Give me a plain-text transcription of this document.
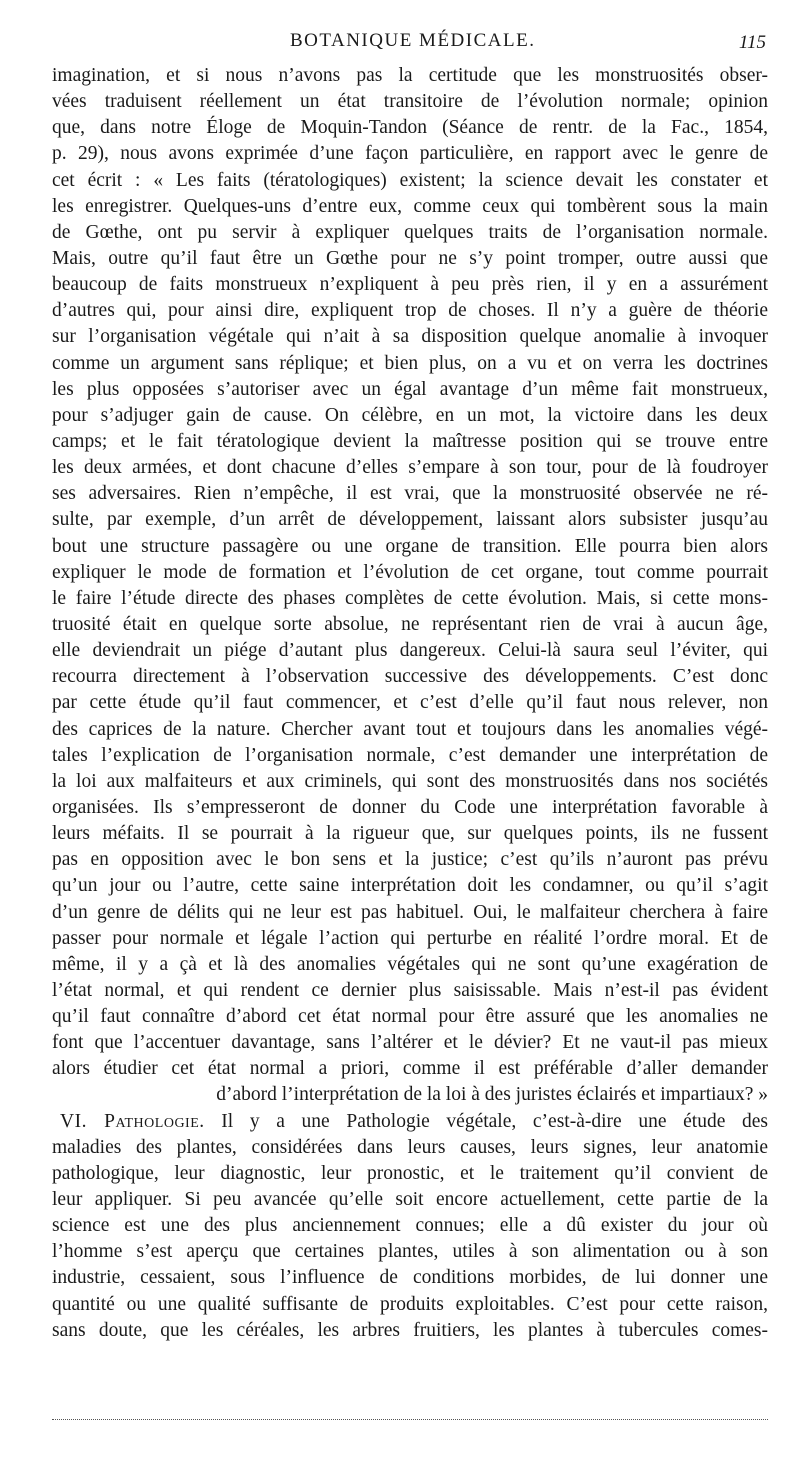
BOTANIQUE MÉDICALE.	115
imagination, et si nous n’avons pas la certitude que les monstruosités obser-
vées traduisent réellement un état transitoire de l’évolution normale; opinion
que, dans notre Éloge de Moquin-Tandon (Séance de rentr. de la Fac., 1854,
p. 29), nous avons exprimée d’une façon particulière, en rapport avec le genre de
cet écrit : « Les faits (tératologiques) existent; la science devait les constater et
les enregistrer. Quelques-uns d’entre eux, comme ceux qui tombèrent sous la main
de Gœthe, ont pu servir à expliquer quelques traits de l’organisation normale.
Mais, outre qu’il faut être un Gœthe pour ne s’y point tromper, outre aussi que
beaucoup de faits monstrueux n’expliquent à peu près rien, il y en a assurément
d’autres qui, pour ainsi dire, expliquent trop de choses. Il n’y a guère de théorie
sur l’organisation végétale qui n’ait à sa disposition quelque anomalie à invoquer
comme un argument sans réplique; et bien plus, on a vu et on verra les doctrines
les plus opposées s’autoriser avec un égal avantage d’un même fait monstrueux,
pour s’adjuger gain de cause. On célèbre, en un mot, la victoire dans les deux
camps; et le fait tératologique devient la maîtresse position qui se trouve entre
les deux armées, et dont chacune d’elles s’empare à son tour, pour de là foudroyer
ses adversaires. Rien n’empêche, il est vrai, que la monstruosité observée ne ré-
sulte, par exemple, d’un arrêt de développement, laissant alors subsister jusqu’au
bout une structure passagère ou une organe de transition. Elle pourra bien alors
expliquer le mode de formation et l’évolution de cet organe, tout comme pourrait
le faire l’étude directe des phases complètes de cette évolution. Mais, si cette mons-
truosité était en quelque sorte absolue, ne représentant rien de vrai à aucun âge,
elle deviendrait un piége d’autant plus dangereux. Celui-là saura seul l’éviter, qui
recourra directement à l’observation successive des développements. C’est donc
par cette étude qu’il faut commencer, et c’est d’elle qu’il faut nous relever, non
des caprices de la nature. Chercher avant tout et toujours dans les anomalies végé-
tales l’explication de l’organisation normale, c’est demander une interprétation de
la loi aux malfaiteurs et aux criminels, qui sont des monstruosités dans nos sociétés
organisées. Ils s’empresseront de donner du Code une interprétation favorable à
leurs méfaits. Il se pourrait à la rigueur que, sur quelques points, ils ne fussent
pas en opposition avec le bon sens et la justice; c’est qu’ils n’auront pas prévu
qu’un jour ou l’autre, cette saine interprétation doit les condamner, ou qu’il s’agit
d’un genre de délits qui ne leur est pas habituel. Oui, le malfaiteur cherchera à faire
passer pour normale et légale l’action qui perturbe en réalité l’ordre moral. Et de
même, il y a çà et là des anomalies végétales qui ne sont qu’une exagération de
l’état normal, et qui rendent ce dernier plus saisissable. Mais n’est-il pas évident
qu’il faut connaître d’abord cet état normal pour être assuré que les anomalies ne
font que l’accentuer davantage, sans l’altérer et le dévier? Et ne vaut-il pas mieux
alors étudier cet état normal a priori, comme il est préférable d’aller demander
d’abord l’interprétation de la loi à des juristes éclairés et impartiaux? »
VI. Pathologie. Il y a une Pathologie végétale, c’est-à-dire une étude des
maladies des plantes, considérées dans leurs causes, leurs signes, leur anatomie
pathologique, leur diagnostic, leur pronostic, et le traitement qu’il convient de
leur appliquer. Si peu avancée qu’elle soit encore actuellement, cette partie de la
science est une des plus anciennement connues; elle a dû exister du jour où
l’homme s’est aperçu que certaines plantes, utiles à son alimentation ou à son
industrie, cessaient, sous l’influence de conditions morbides, de lui donner une
quantité ou une qualité suffisante de produits exploitables. C’est pour cette raison,
sans doute, que les céréales, les arbres fruitiers, les plantes à tubercules comes-
